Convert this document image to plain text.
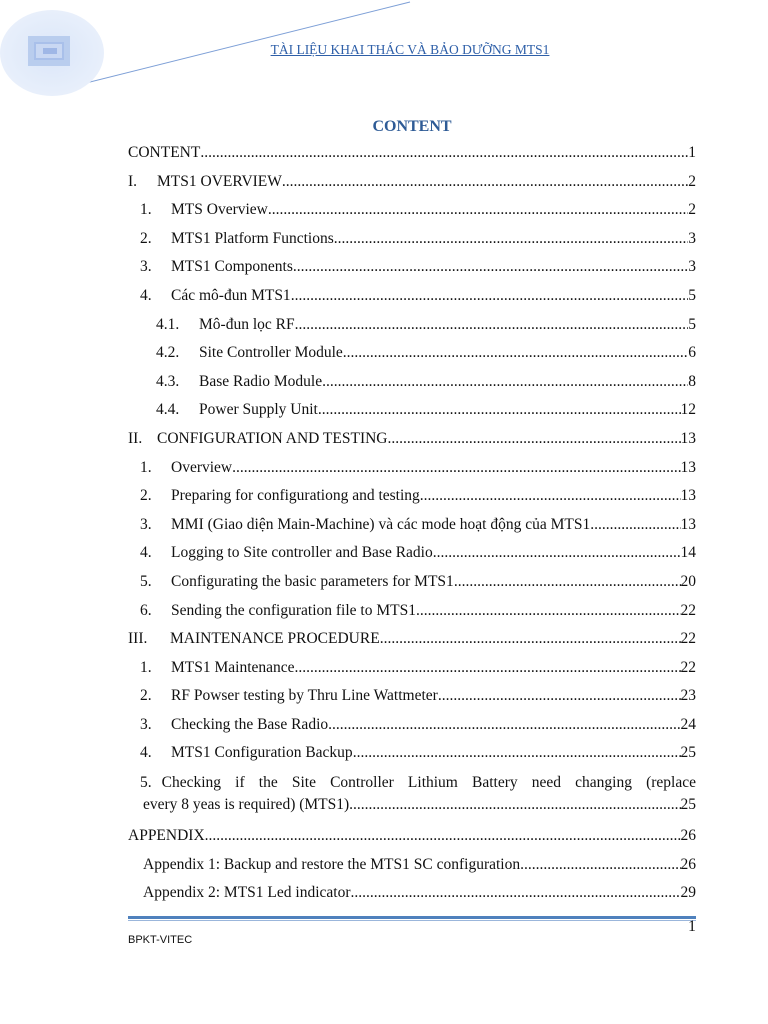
TÀI LIỆU KHAI THÁC VÀ BẢO DƯỠNG MTS1
CONTENT
CONTENT .....	1
I.	MTS1 OVERVIEW .....	2
1.	MTS Overview .....	2
2.	MTS1 Platform Functions .....	3
3.	MTS1 Components .....	3
4.	Các mô-đun MTS1 .....	5
4.1.	Mô-đun lọc RF .....	5
4.2.	Site Controller Module .....	6
4.3.	Base Radio Module .....	8
4.4.	Power Supply Unit .....	12
II. CONFIGURATION AND TESTING .....	13
1.	Overview .....	13
2.	Preparing for configurationg and testing .....	13
3.	MMI (Giao diện Main-Machine) và các mode hoạt động của MTS1 .....	13
4.	Logging to Site controller and Base Radio .....	14
5.	Configurating the basic parameters for MTS1 .....	20
6.	Sending the configuration file to MTS1 .....	22
III.	MAINTENANCE PROCEDURE .....	22
1.	MTS1 Maintenance .....	22
2.	RF Powser testing by Thru Line Wattmeter .....	23
3.	Checking the Base Radio .....	24
4.	MTS1 Configuration Backup .....	25
5. Checking if the Site Controller Lithium Battery need changing (replace
every 8 yeas is required) (MTS1) .....	25
APPENDIX .....	26
Appendix 1: Backup and restore the MTS1 SC configuration .....	26
Appendix 2: MTS1 Led indicator .....	29
1
BPKT-VITEC
